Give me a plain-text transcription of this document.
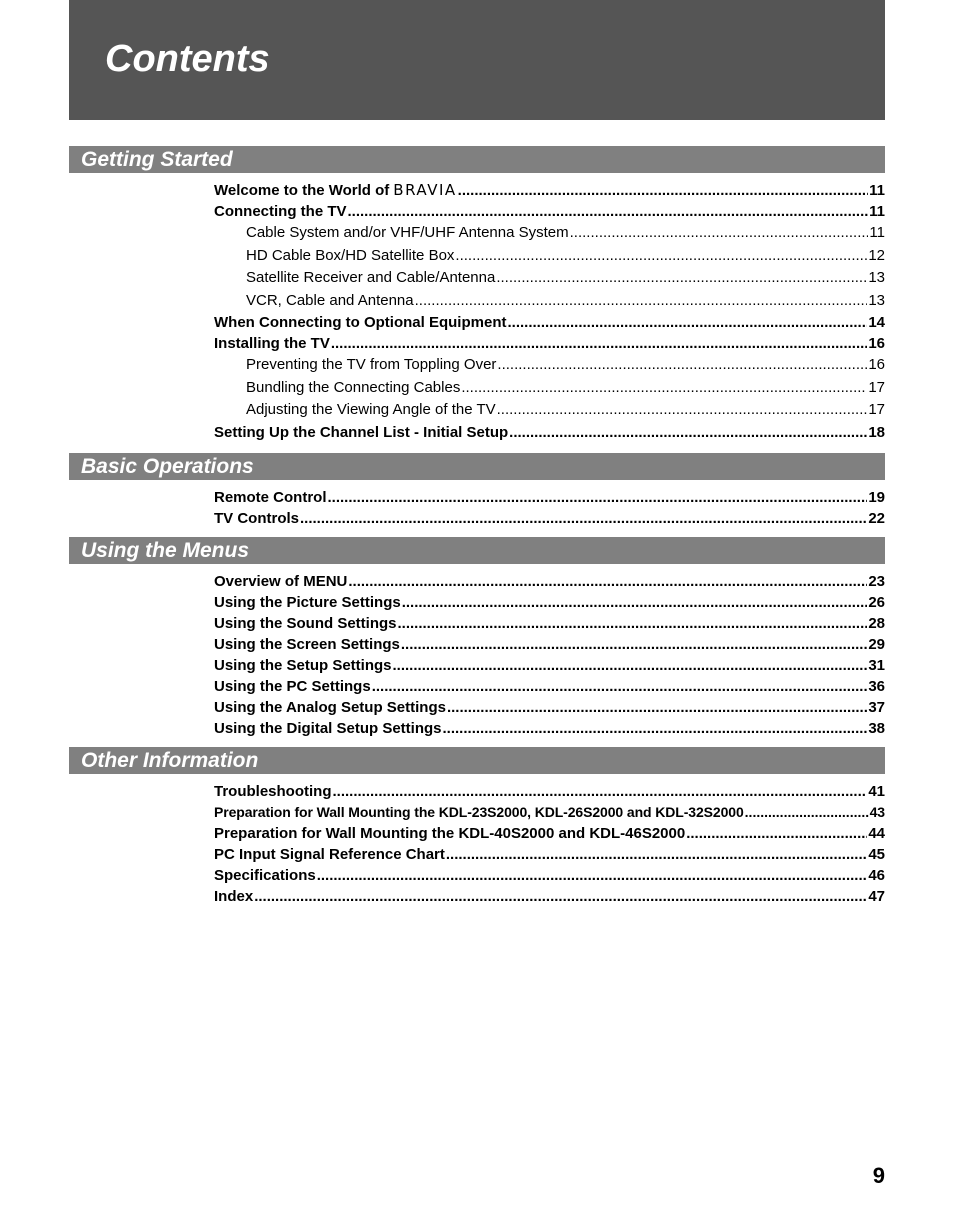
Contents
Getting Started
Welcome to the World of BRAVIA .....	11
Connecting the TV .....	11
Cable System and/or VHF/UHF Antenna System .....	11
HD Cable Box/HD Satellite Box .....	12
Satellite Receiver and Cable/Antenna .....	13
VCR, Cable and Antenna .....	13
When Connecting to Optional Equipment .....	14
Installing the TV .....	16
Preventing the TV from Toppling Over .....	16
Bundling the Connecting Cables .....	17
Adjusting the Viewing Angle of the TV .....	17
Setting Up the Channel List - Initial Setup .....	18
Basic Operations
Remote Control .....	19
TV Controls .....	22
Using the Menus
Overview of MENU .....	23
Using the Picture Settings .....	26
Using the Sound Settings .....	28
Using the Screen Settings .....	29
Using the Setup Settings .....	31
Using the PC Settings .....	36
Using the Analog Setup Settings .....	37
Using the Digital Setup Settings .....	38
Other Information
Troubleshooting .....	41
Preparation for Wall Mounting the KDL-23S2000, KDL-26S2000 and KDL-32S2000 .....	43
Preparation for Wall Mounting the KDL-40S2000 and KDL-46S2000 .....	44
PC Input Signal Reference Chart .....	45
Specifications .....	46
Index .....	47
9
